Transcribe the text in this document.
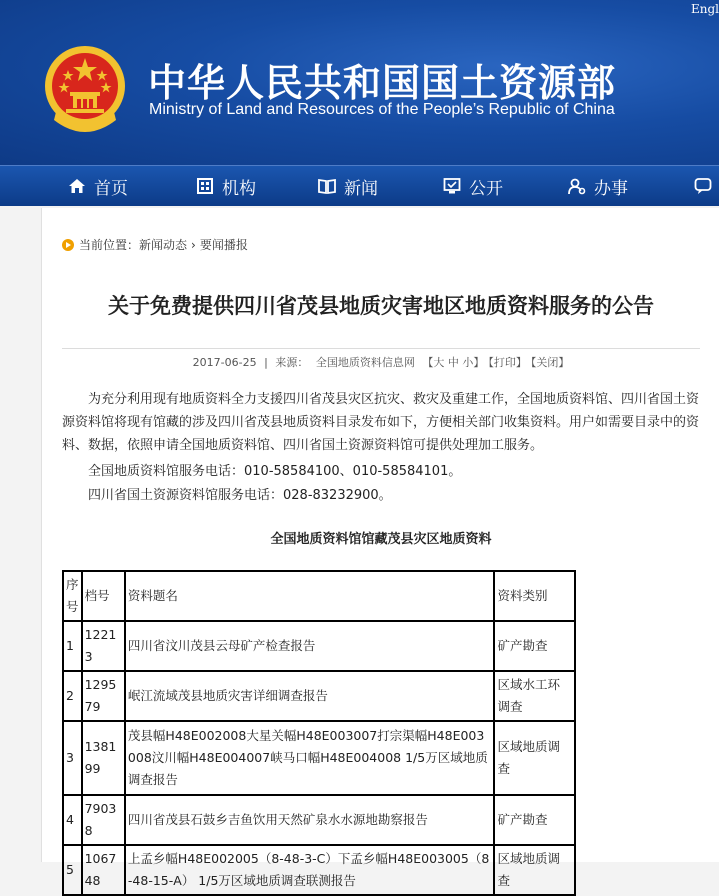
Engl
中华人民共和国国土资源部
Ministry of Land and Resources of the People’s Republic of China
首页	机构	新闻	公开	办事
当前位置： 新闻动态 › 要闻播报
关于免费提供四川省茂县地质灾害地区地质资料服务的公告
2017-06-25 | 来源： 全国地质资料信息网 【大 中 小】 【打印】 【关闭】
为充分利用现有地质资料全力支援四川省茂县灾区抗灾、救灾及重建工作，全国地质资料馆、四川省国土资源资料馆将现有馆藏的涉及四川省茂县地质资料目录发布如下，方便相关部门收集资料。用户如需要目录中的资料、数据，依照申请全国地质资料馆、四川省国土资源资料馆可提供处理加工服务。
全国地质资料馆服务电话：010-58584100、010-58584101。
四川省国土资源资料馆服务电话：028-83232900。
全国地质资料馆馆藏茂县灾区地质资料
序号	档号	资料题名	资料类别
1	12213	四川省汶川茂县云母矿产检查报告	矿产勘查
2	129579	岷江流域茂县地质灾害详细调查报告	区域水工环调查
3	138199	茂县幅H48E002008大星关幅H48E003007打宗渠幅H48E003008汶川幅H48E004007峡马口幅H48E004008 1/5万区域地质调查报告	区域地质调查
4	79038	四川省茂县石鼓乡吉鱼饮用天然矿泉水水源地勘察报告	矿产勘查
5	106748	上孟乡幅H48E002005（8-48-3-C）下孟乡幅H48E003005（8-48-15-A） 1/5万区域地质调查联测报告	区域地质调查
